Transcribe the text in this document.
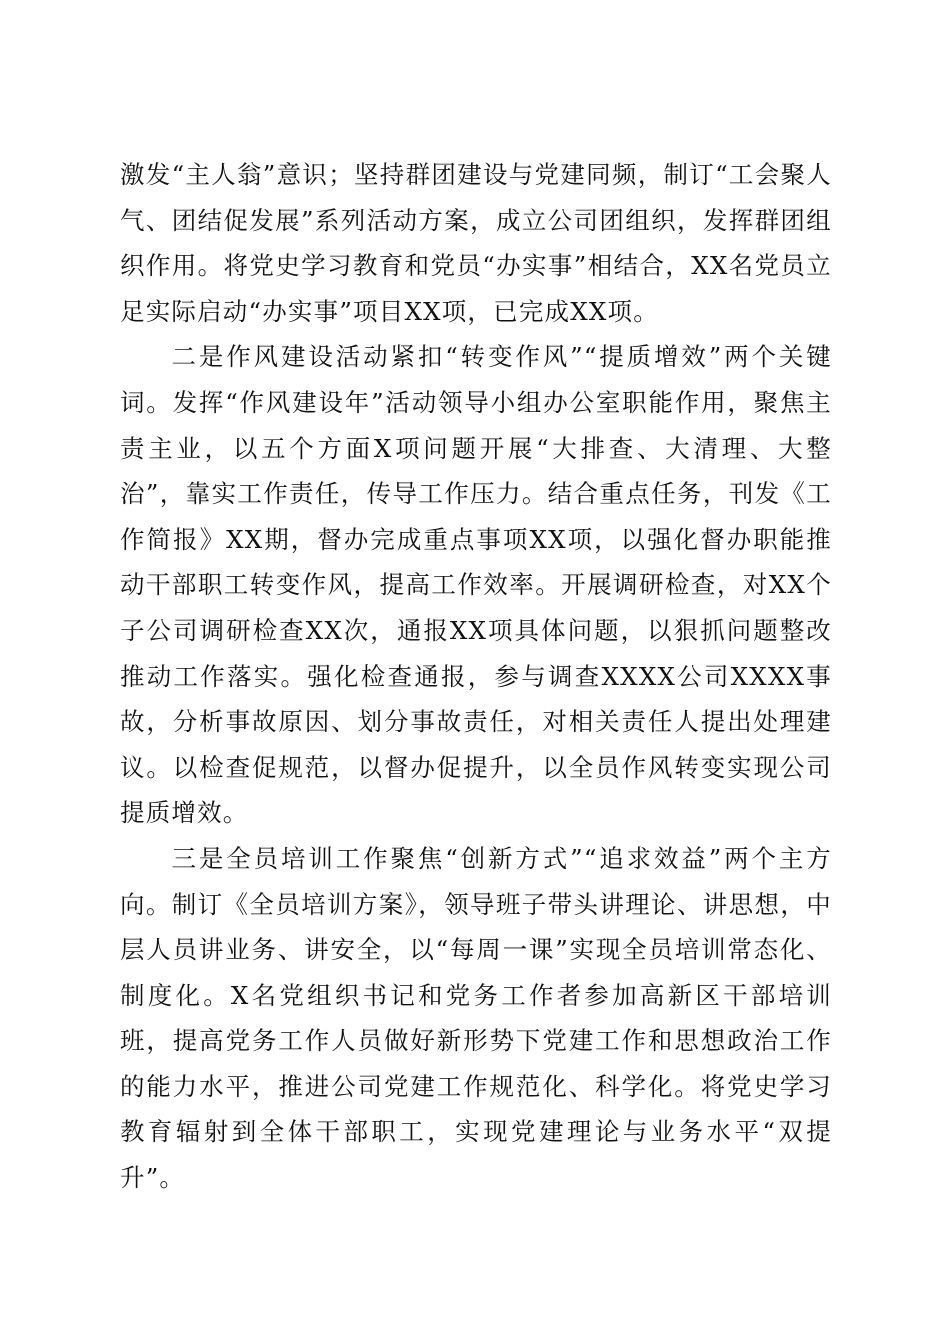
激发“主人翁”意识；坚持群团建设与党建同频，制订“工会聚人气、团结促发展”系列活动方案，成立公司团组织，发挥群团组织作用。将党史学习教育和党员“办实事”相结合，XX名党员立足实际启动“办实事”项目XX项，已完成XX项。

二是作风建设活动紧扣“转变作风”“提质增效”两个关键词。发挥“作风建设年”活动领导小组办公室职能作用，聚焦主责主业，以五个方面X项问题开展“大排查、大清理、大整治”，靠实工作责任，传导工作压力。结合重点任务，刊发《工作简报》XX期，督办完成重点事项XX项，以强化督办职能推动干部职工转变作风，提高工作效率。开展调研检查，对XX个子公司调研检查XX次，通报XX项具体问题，以狠抓问题整改推动工作落实。强化检查通报，参与调查XXXX公司XXXX事故，分析事故原因、划分事故责任，对相关责任人提出处理建议。以检查促规范，以督办促提升，以全员作风转变实现公司提质增效。

三是全员培训工作聚焦“创新方式”“追求效益”两个主方向。制订《全员培训方案》，领导班子带头讲理论、讲思想，中层人员讲业务、讲安全，以“每周一课”实现全员培训常态化、制度化。X名党组织书记和党务工作者参加高新区干部培训班，提高党务工作人员做好新形势下党建工作和思想政治工作的能力水平，推进公司党建工作规范化、科学化。将党史学习教育辐射到全体干部职工，实现党建理论与业务水平“双提升”。
